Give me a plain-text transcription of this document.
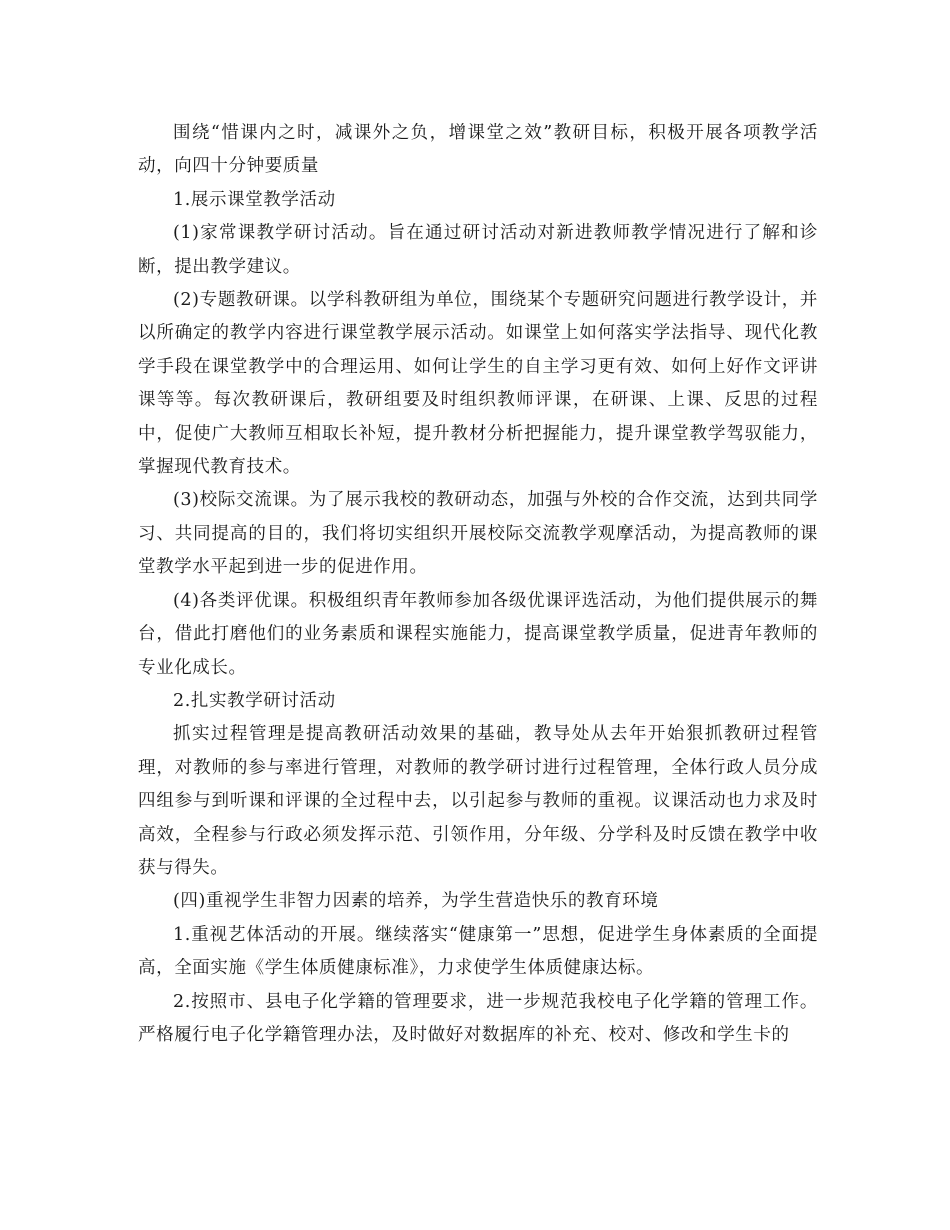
围绕“惜课内之时，减课外之负，增课堂之效”教研目标，积极开展各项教学活动，向四十分钟要质量

1.展示课堂教学活动

(1)家常课教学研讨活动。旨在通过研讨活动对新进教师教学情况进行了解和诊断，提出教学建议。

(2)专题教研课。以学科教研组为单位，围绕某个专题研究问题进行教学设计，并以所确定的教学内容进行课堂教学展示活动。如课堂上如何落实学法指导、现代化教学手段在课堂教学中的合理运用、如何让学生的自主学习更有效、如何上好作文评讲课等等。每次教研课后，教研组要及时组织教师评课，在研课、上课、反思的过程中，促使广大教师互相取长补短，提升教材分析把握能力，提升课堂教学驾驭能力，掌握现代教育技术。

(3)校际交流课。为了展示我校的教研动态，加强与外校的合作交流，达到共同学习、共同提高的目的，我们将切实组织开展校际交流教学观摩活动，为提高教师的课堂教学水平起到进一步的促进作用。

(4)各类评优课。积极组织青年教师参加各级优课评选活动，为他们提供展示的舞台，借此打磨他们的业务素质和课程实施能力，提高课堂教学质量，促进青年教师的专业化成长。

2.扎实教学研讨活动

抓实过程管理是提高教研活动效果的基础，教导处从去年开始狠抓教研过程管理，对教师的参与率进行管理，对教师的教学研讨进行过程管理，全体行政人员分成四组参与到听课和评课的全过程中去，以引起参与教师的重视。议课活动也力求及时高效，全程参与行政必须发挥示范、引领作用，分年级、分学科及时反馈在教学中收获与得失。

(四)重视学生非智力因素的培养，为学生营造快乐的教育环境

1.重视艺体活动的开展。继续落实“健康第一”思想，促进学生身体素质的全面提高，全面实施《学生体质健康标准》，力求使学生体质健康达标。

2.按照市、县电子化学籍的管理要求，进一步规范我校电子化学籍的管理工作。严格履行电子化学籍管理办法，及时做好对数据库的补充、校对、修改和学生卡的
